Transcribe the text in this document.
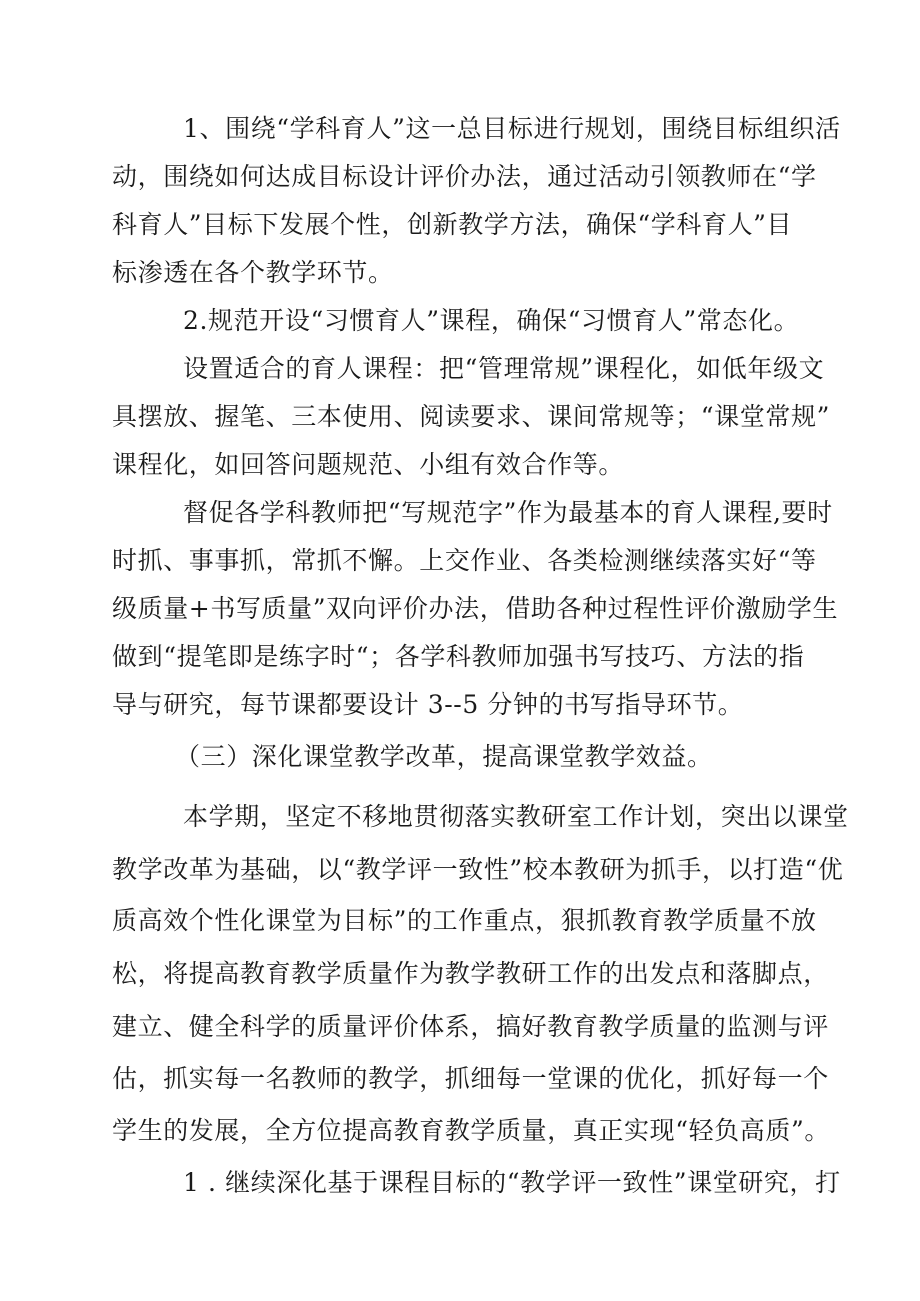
1、围绕“学科育人”这一总目标进行规划，围绕目标组织活

动，围绕如何达成目标设计评价办法，通过活动引领教师在“学

科育人”目标下发展个性，创新教学方法，确保“学科育人”目

标渗透在各个教学环节。

2.规范开设“习惯育人”课程，确保“习惯育人”常态化。

设置适合的育人课程：把“管理常规”课程化，如低年级文

具摆放、握笔、三本使用、阅读要求、课间常规等；“课堂常规”

课程化，如回答问题规范、小组有效合作等。

督促各学科教师把“写规范字”作为最基本的育人课程,要时

时抓、事事抓，常抓不懈。上交作业、各类检测继续落实好“等

级质量+书写质量”双向评价办法，借助各种过程性评价激励学生

做到“提笔即是练字时“；各学科教师加强书写技巧、方法的指

导与研究，每节课都要设计 3--5 分钟的书写指导环节。

（三）深化课堂教学改革，提高课堂教学效益。

本学期，坚定不移地贯彻落实教研室工作计划，突出以课堂

教学改革为基础，以“教学评一致性”校本教研为抓手，以打造“优

质高效个性化课堂为目标”的工作重点，狠抓教育教学质量不放

松，将提高教育教学质量作为教学教研工作的出发点和落脚点，

建立、健全科学的质量评价体系，搞好教育教学质量的监测与评

估，抓实每一名教师的教学，抓细每一堂课的优化，抓好每一个

学生的发展，全方位提高教育教学质量，真正实现“轻负高质”。

1 . 继续深化基于课程目标的“教学评一致性”课堂研究，打
